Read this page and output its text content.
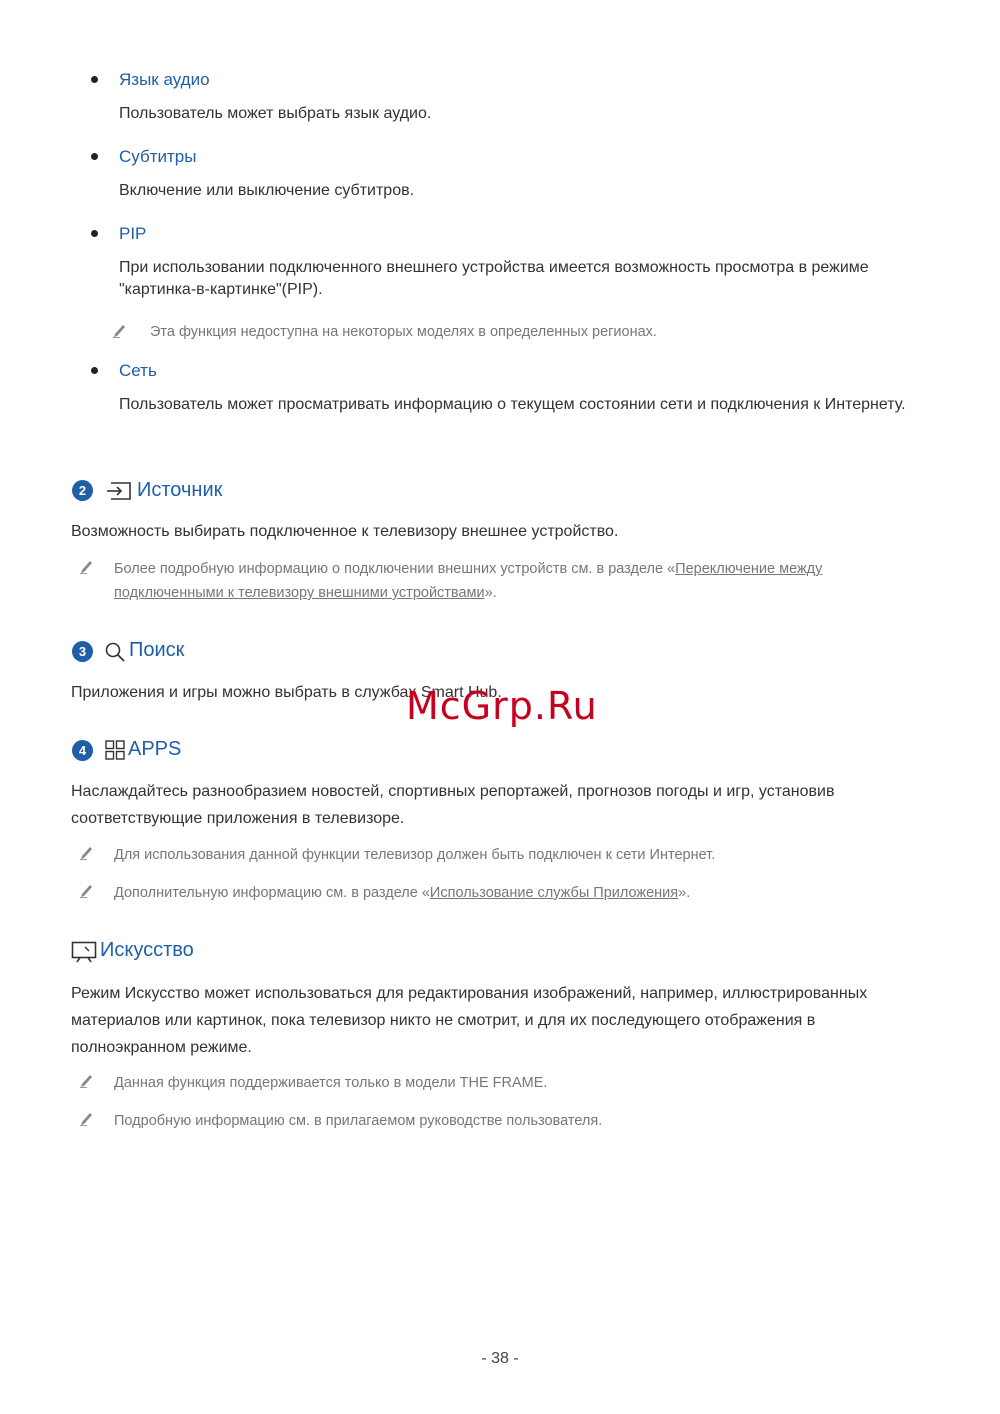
Язык аудио
Пользователь может выбрать язык аудио.
Субтитры
Включение или выключение субтитров.
PIP
При использовании подключенного внешнего устройства имеется возможность просмотра в режиме "картинка-в-картинке"(PIP).
Эта функция недоступна на некоторых моделях в определенных регионах.
Сеть
Пользователь может просматривать информацию о текущем состоянии сети и подключения к Интернету.
2	Источник
Возможность выбирать подключенное к телевизору внешнее устройство.
Более подробную информацию о подключении внешних устройств см. в разделе «Переключение между подключенными к телевизору внешними устройствами».
3	Поиск
Приложения и игры можно выбрать в службах Smart Hub.
McGrp.Ru
4	APPS
Наслаждайтесь разнообразием новостей, спортивных репортажей, прогнозов погоды и игр, установив соответствующие приложения в телевизоре.
Для использования данной функции телевизор должен быть подключен к сети Интернет.
Дополнительную информацию см. в разделе «Использование службы Приложения».
Искусство
Режим Искусство может использоваться для редактирования изображений, например, иллюстрированных материалов или картинок, пока телевизор никто не смотрит, и для их последующего отображения в полноэкранном режиме.
Данная функция поддерживается только в модели THE FRAME.
Подробную информацию см. в прилагаемом руководстве пользователя.
- 38 -
